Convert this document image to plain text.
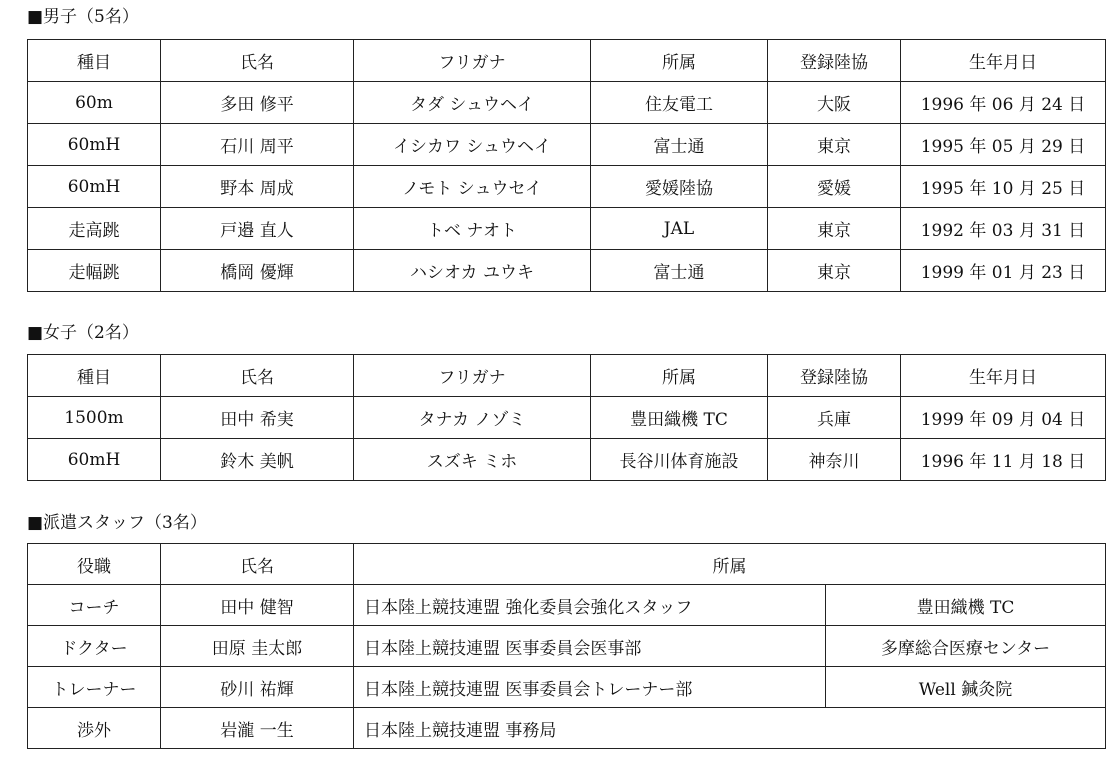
■男子（5名）
種目	氏名	フリガナ	所属	登録陸協	生年月日
60m	多田 修平	タダ シュウヘイ	住友電工	大阪	1996 年 06 月 24 日
60mH	石川 周平	イシカワ シュウヘイ	富士通	東京	1995 年 05 月 29 日
60mH	野本 周成	ノモト シュウセイ	愛媛陸協	愛媛	1995 年 10 月 25 日
走高跳	戸邉 直人	トベ ナオト	JAL	東京	1992 年 03 月 31 日
走幅跳	橋岡 優輝	ハシオカ ユウキ	富士通	東京	1999 年 01 月 23 日
■女子（2名）
種目	氏名	フリガナ	所属	登録陸協	生年月日
1500m	田中 希実	タナカ ノゾミ	豊田織機 TC	兵庫	1999 年 09 月 04 日
60mH	鈴木 美帆	スズキ ミホ	長谷川体育施設	神奈川	1996 年 11 月 18 日
■派遣スタッフ（3名）
役職	氏名	所属	
コーチ	田中 健智	日本陸上競技連盟 強化委員会強化スタッフ	豊田織機 TC
ドクター	田原 圭太郎	日本陸上競技連盟 医事委員会医事部	多摩総合医療センター
トレーナー	砂川 祐輝	日本陸上競技連盟 医事委員会トレーナー部	Well 鍼灸院
渉外	岩瀧 一生	日本陸上競技連盟 事務局	
